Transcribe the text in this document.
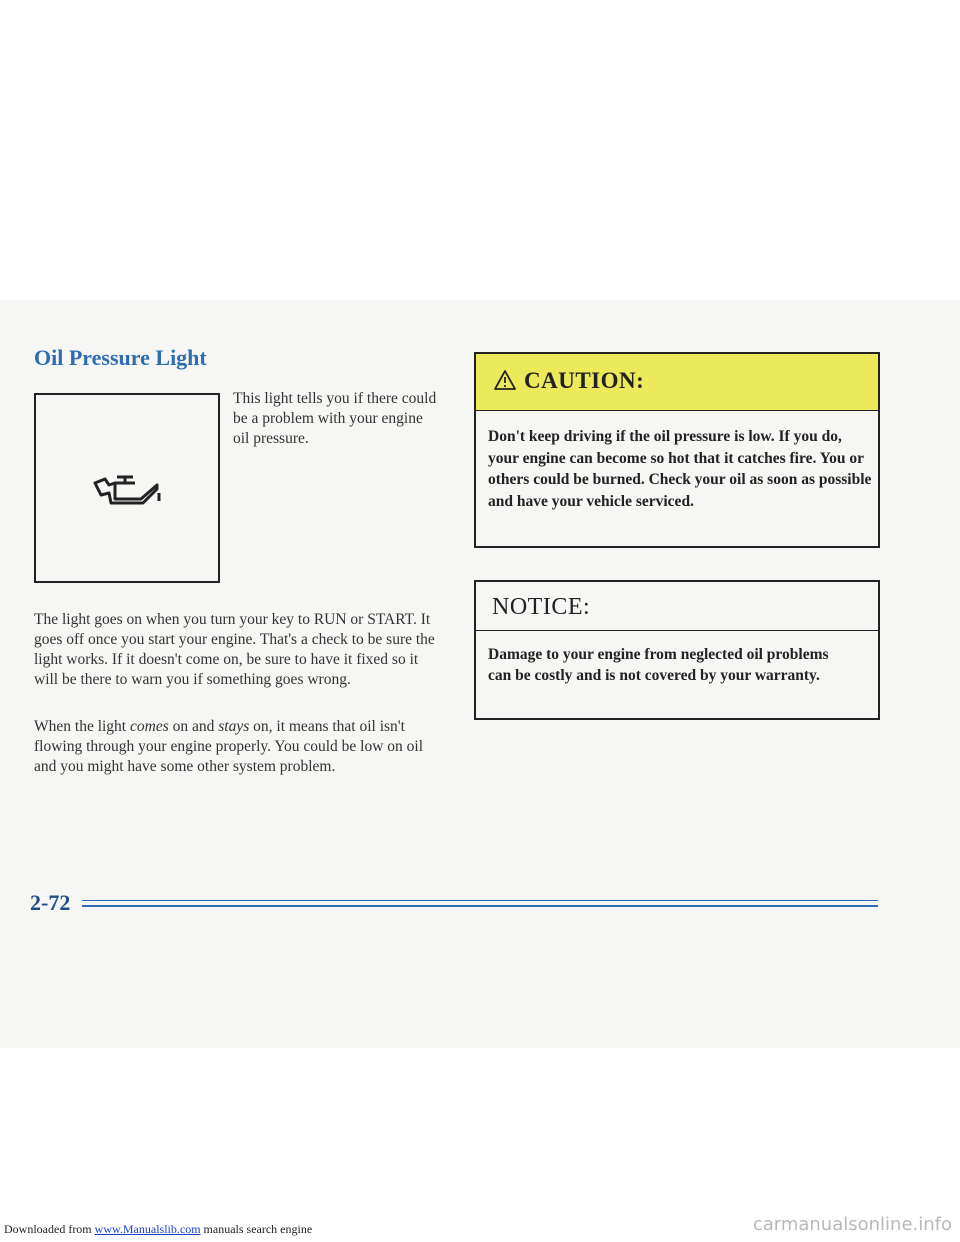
Oil Pressure Light
This light tells you if there could be a problem with your engine oil pressure.
The light goes on when you turn your key to RUN or START. It goes off once you start your engine. That's a check to be sure the light works. If it doesn't come on, be sure to have it fixed so it will be there to warn you if something goes wrong.
When the light comes on and stays on, it means that oil isn't flowing through your engine properly. You could be low on oil and you might have some other system problem.
CAUTION:
Don't keep driving if the oil pressure is low. If you do, your engine can become so hot that it catches fire. You or others could be burned. Check your oil as soon as possible and have your vehicle serviced.
NOTICE:
Damage to your engine from neglected oil problems can be costly and is not covered by your warranty.
2-72
Downloaded from www.Manualslib.com manuals search engine	carmanualsonline.info
